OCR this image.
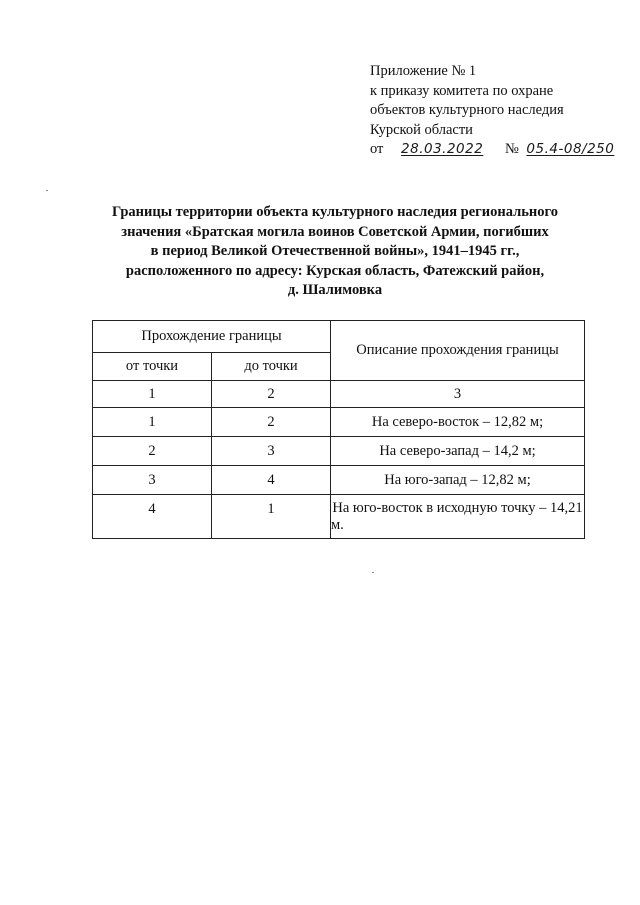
Приложение № 1
к приказу комитета по охране
объектов культурного наследия
Курской области
от 28.03.2022 № 05.4-08/250
Границы территории объекта культурного наследия регионального
значения «Братская могила воинов Советской Армии, погибших
в период Великой Отечественной войны», 1941–1945 гг.,
расположенного по адресу: Курская область, Фатежский район,
д. Шалимовка
Прохождение границы		Описание прохождения границы
от точки	до точки	
1	2	3
1	2	На северо-восток – 12,82 м;
2	3	На северо-запад – 14,2 м;
3	4	На юго-запад – 12,82 м;
4	1	На юго-восток в исходную точку – 14,21 м.
